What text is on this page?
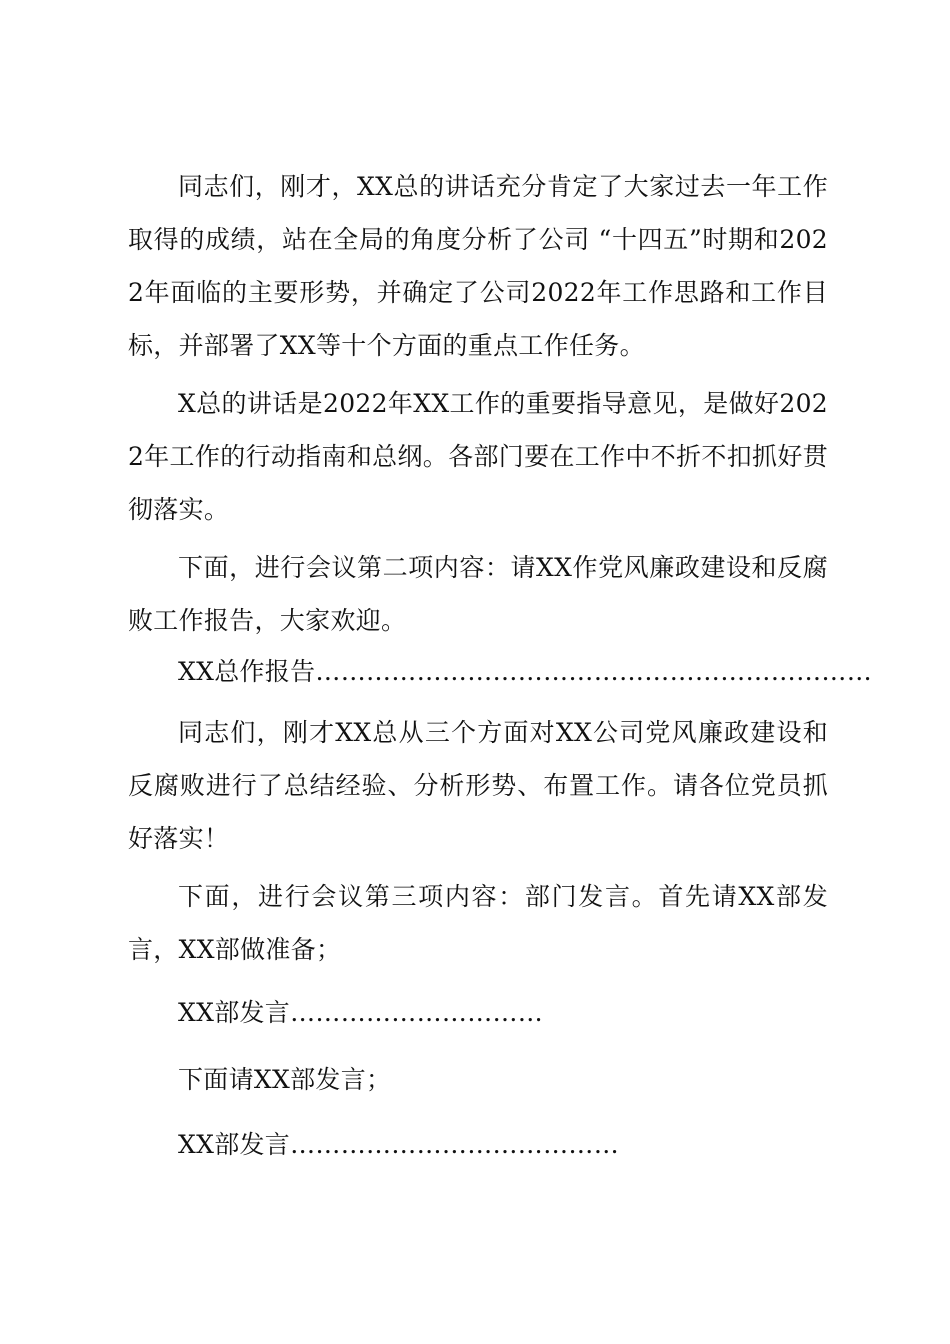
同志们，刚才，XX总的讲话充分肯定了大家过去一年工作取得的成绩，站在全局的角度分析了公司 “十四五”时期和2022年面临的主要形势，并确定了公司2022年工作思路和工作目标，并部署了XX等十个方面的重点工作任务。

X总的讲话是2022年XX工作的重要指导意见，是做好2022年工作的行动指南和总纲。各部门要在工作中不折不扣抓好贯彻落实。

下面，进行会议第二项内容：请XX作党风廉政建设和反腐败工作报告，大家欢迎。

XX总作报告…………………………………………………………

同志们，刚才XX总从三个方面对XX公司党风廉政建设和反腐败进行了总结经验、分析形势、布置工作。请各位党员抓好落实！

下面，进行会议第三项内容：部门发言。首先请XX部发言，XX部做准备；

XX部发言…………………………
下面请XX部发言；
XX部发言…………………………………
